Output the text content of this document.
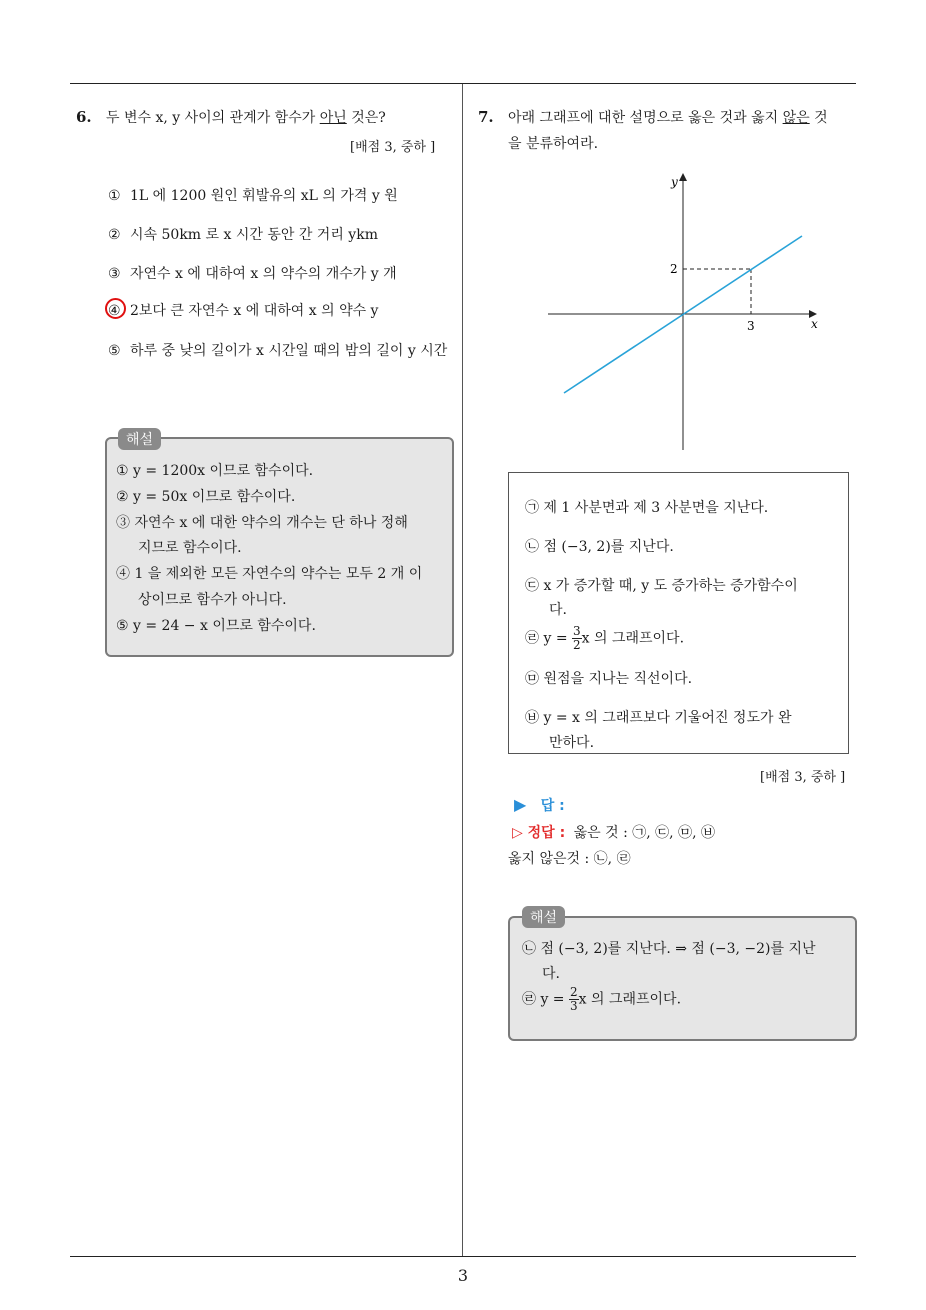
3
6. 두 변수 x, y 사이의 관계가 함수가 아닌 것은?
[배점 3, 중하 ]
① 1L 에 1200 원인 휘발유의 xL 의 가격 y 원
② 시속 50km 로 x 시간 동안 간 거리 ykm
③ 자연수 x 에 대하여 x 의 약수의 개수가 y 개
④ 2보다 큰 자연수 x 에 대하여 x 의 약수 y
⑤ 하루 중 낮의 길이가 x 시간일 때의 밤의 길이 y 시간
해설
① y = 1200x 이므로 함수이다.
② y = 50x 이므로 함수이다.
③ 자연수 x 에 대한 약수의 개수는 단 하나 정해
지므로 함수이다.
④ 1 을 제외한 모든 자연수의 약수는 모두 2 개 이
상이므로 함수가 아니다.
⑤ y = 24 − x 이므로 함수이다.
7. 아래 그래프에 대한 설명으로 옳은 것과 옳지 않은 것
을 분류하여라.
y
x
3
2
㉠ 제 1 사분면과 제 3 사분면을 지난다.
㉡ 점 (−3, 2)를 지난다.
㉢ x 가 증가할 때, y 도 증가하는 증가함수이
다.
㉣ $y = \frac{3}{2}$ x 의 그래프이다.
㉤ 원점을 지나는 직선이다.
㉥ y = x 의 그래프보다 기울어진 정도가 완
만하다.
[배점 3, 중하 ]
▶ 답 :
▷ 정답 : 옳은 것 : ㉠, ㉢, ㉤, ㉥
옳지 않은것 : ㉡, ㉣
해설
㉡ 점 (−3, 2)를 지난다. ⇒ 점 (−3, −2)를 지난
다.
㉣ $y = \frac{2}{3}$ x 의 그래프이다.
